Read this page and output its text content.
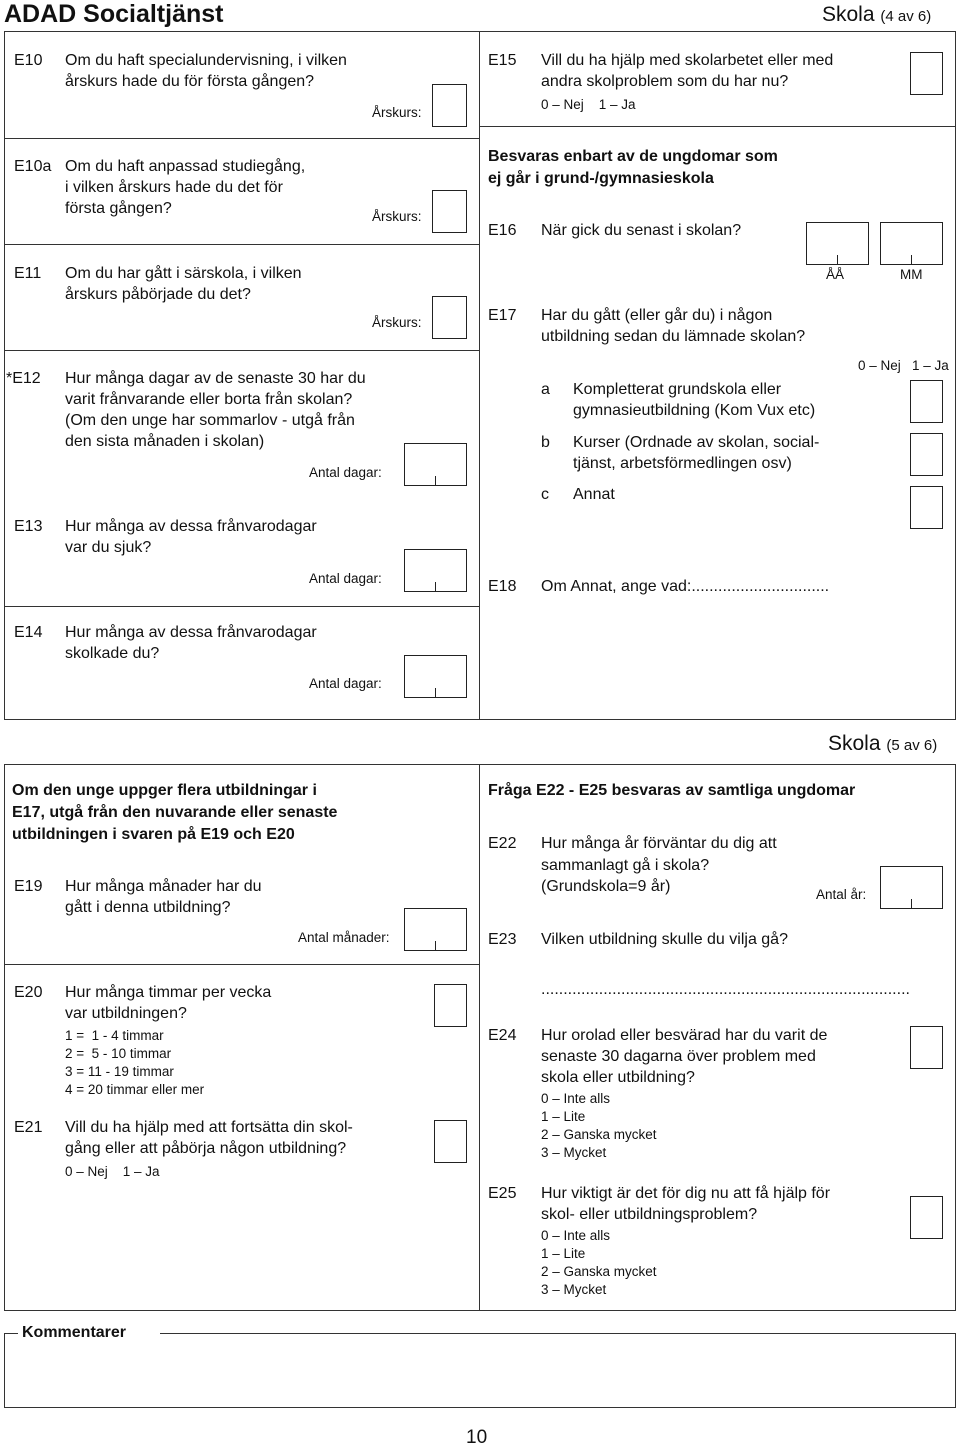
ADAD Socialtjänst	Skola (4 av 6)
E10 Om du haft specialundervisning, i vilken
årskurs hade du för första gången?
Årskurs:
E10a Om du haft anpassad studiegång,
i vilken årskurs hade du det för
första gången?	Årskurs:
E11 Om du har gått i särskola, i vilken
årskurs påbörjade du det?
Årskurs:
*E12 Hur många dagar av de senaste 30 har du
varit frånvarande eller borta från skolan?
(Om den unge har sommarlov - utgå från
den sista månaden i skolan)
Antal dagar:
E13 Hur många av dessa frånvarodagar
var du sjuk?
Antal dagar:
E14 Hur många av dessa frånvarodagar
skolkade du?
Antal dagar:
E15 Vill du ha hjälp med skolarbetet eller med
andra skolproblem som du har nu?
0 – Nej    1 – Ja
Besvaras enbart av de ungdomar som
ej går i grund-/gymnasieskola
E16 När gick du senast i skolan?
ÅÅ	MM
E17 Har du gått (eller går du) i någon
utbildning sedan du lämnade skolan?
0 – Nej   1 – Ja
a Kompletterat grundskola eller
gymnasieutbildning (Kom Vux etc)
b Kurser (Ordnade av skolan, social-
tjänst, arbetsförmedlingen osv)
c Annat
E18 Om Annat, ange vad:...............................
Skola (5 av 6)
Om den unge uppger flera utbildningar i
E17, utgå från den nuvarande eller senaste
utbildningen i svaren på E19 och E20
E19 Hur många månader har du
gått i denna utbildning?
Antal månader:
E20 Hur många timmar per vecka
var utbildningen?
1 =  1 - 4 timmar
2 =  5 - 10 timmar
3 = 11 - 19 timmar
4 = 20 timmar eller mer
E21 Vill du ha hjälp med att fortsätta din skol-
gång eller att påbörja någon utbildning?
0 – Nej    1 – Ja
Fråga E22 - E25 besvaras av samtliga ungdomar
E22 Hur många år förväntar du dig att
sammanlagt gå i skola?
(Grundskola=9 år)	Antal år:
E23 Vilken utbildning skulle du vilja gå?
...................................................................................
E24 Hur orolad eller besvärad har du varit de
senaste 30 dagarna över problem med
skola eller utbildning?
0 – Inte alls
1 – Lite
2 – Ganska mycket
3 – Mycket
E25 Hur viktigt är det för dig nu att få hjälp för
skol- eller utbildningsproblem?
0 – Inte alls
1 – Lite
2 – Ganska mycket
3 – Mycket
Kommentarer
10
